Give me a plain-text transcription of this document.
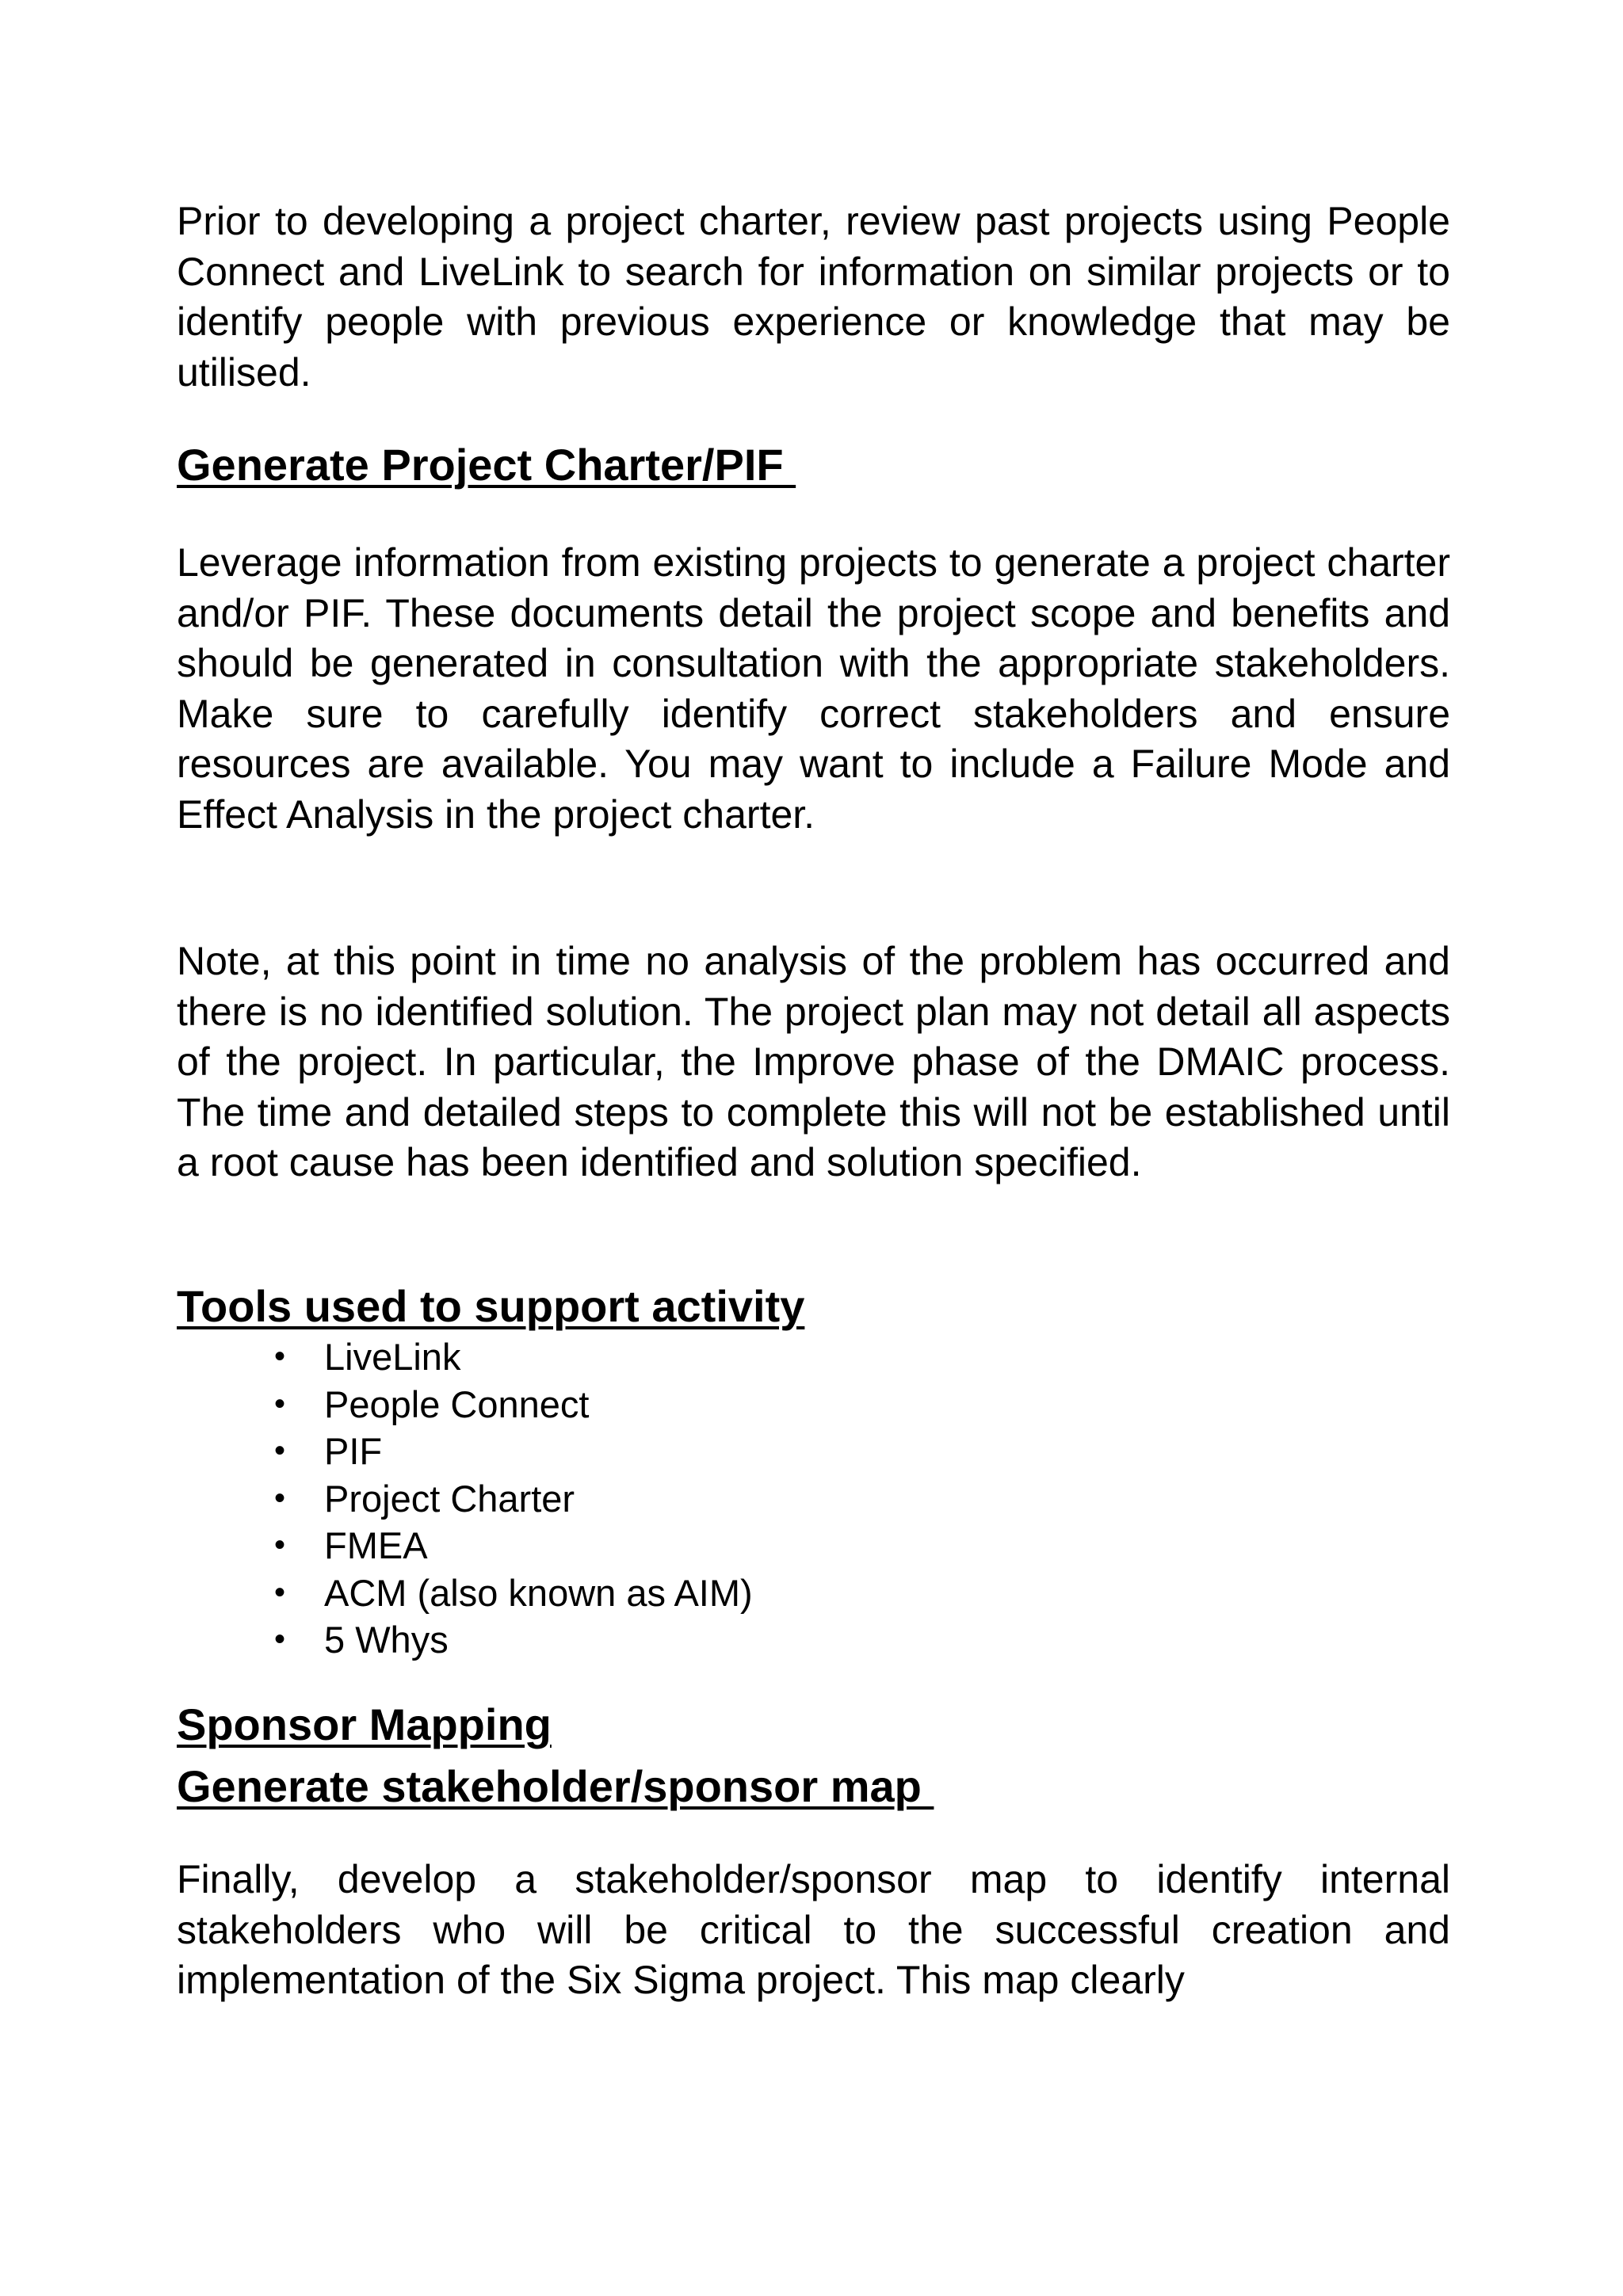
Prior to developing a project charter, review past projects using People Connect and LiveLink to search for information on similar projects or to identify people with previous experience or knowledge that may be utilised.

Generate Project Charter/PIF

Leverage information from existing projects to generate a project charter and/or PIF. These documents detail the project scope and benefits and should be generated in consultation with the appropriate stakeholders. Make sure to carefully identify correct stakeholders and ensure resources are available. You may want to include a Failure Mode and Effect Analysis in the project charter.

Note, at this point in time no analysis of the problem has occurred and there is no identified solution. The project plan may not detail all aspects of the project. In particular, the Improve phase of the DMAIC process. The time and detailed steps to complete this will not be established until a root cause has been identified and solution specified.

Tools used to support activity
• LiveLink
• People Connect
• PIF
• Project Charter
• FMEA
• ACM (also known as AIM)
• 5 Whys
Sponsor Mapping
Generate stakeholder/sponsor map

Finally, develop a stakeholder/sponsor map to identify internal stakeholders who will be critical to the successful creation and implementation of the Six Sigma project. This map clearly
